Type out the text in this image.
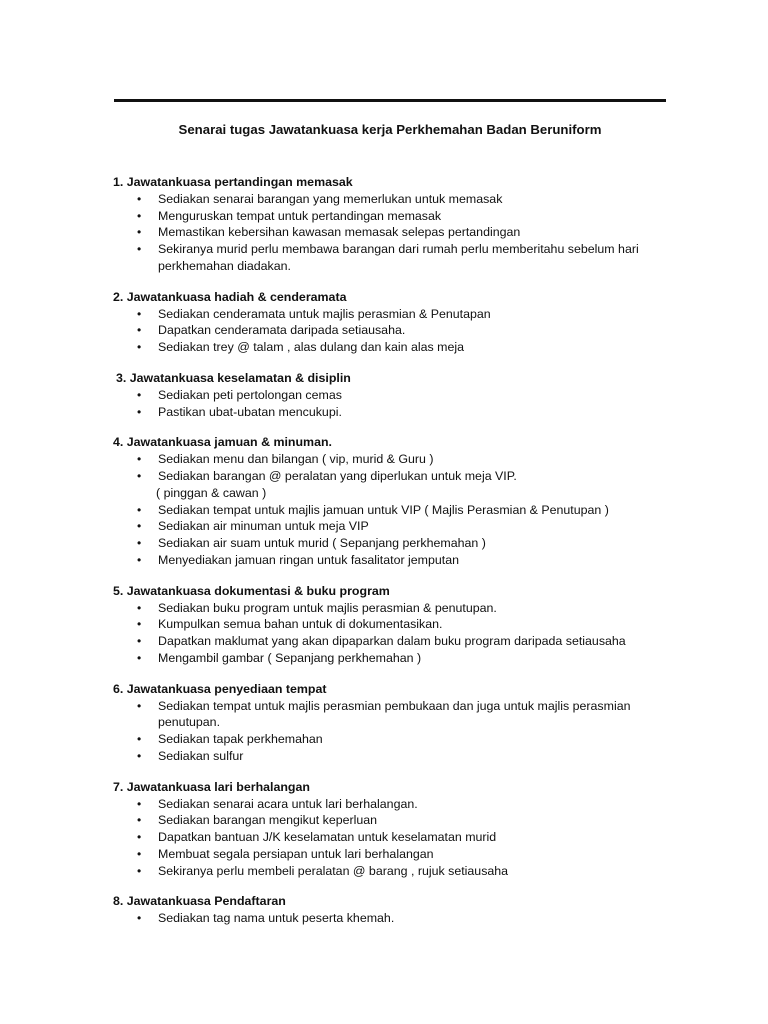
Senarai tugas Jawatankuasa kerja Perkhemahan Badan Beruniform
1. Jawatankuasa pertandingan memasak
• Sediakan senarai barangan yang memerlukan untuk memasak
• Menguruskan tempat untuk pertandingan memasak
• Memastikan kebersihan kawasan memasak selepas pertandingan
• Sekiranya murid perlu membawa barangan dari rumah perlu memberitahu sebelum hari perkhemahan diadakan.
2. Jawatankuasa hadiah & cenderamata
• Sediakan cenderamata untuk majlis perasmian & Penutapan
• Dapatkan cenderamata daripada setiausaha.
• Sediakan trey @ talam , alas dulang dan kain alas meja
3. Jawatankuasa keselamatan & disiplin
• Sediakan peti pertolongan cemas
• Pastikan ubat-ubatan mencukupi.
4. Jawatankuasa jamuan & minuman.
• Sediakan menu dan bilangan ( vip, murid & Guru )
• Sediakan barangan @ peralatan yang diperlukan untuk meja VIP.
( pinggan & cawan )
• Sediakan tempat untuk majlis jamuan untuk VIP ( Majlis Perasmian & Penutupan )
• Sediakan air minuman untuk meja VIP
• Sediakan air suam untuk murid ( Sepanjang perkhemahan )
• Menyediakan jamuan ringan untuk fasalitator jemputan
5. Jawatankuasa dokumentasi & buku program
• Sediakan buku program untuk majlis perasmian & penutupan.
• Kumpulkan semua bahan untuk di dokumentasikan.
• Dapatkan maklumat yang akan dipaparkan dalam buku program daripada setiausaha
• Mengambil gambar ( Sepanjang perkhemahan )
6. Jawatankuasa penyediaan tempat
• Sediakan tempat untuk majlis perasmian pembukaan dan juga untuk majlis perasmian penutupan.
• Sediakan tapak perkhemahan
• Sediakan sulfur
7. Jawatankuasa lari berhalangan
• Sediakan senarai acara untuk lari berhalangan.
• Sediakan barangan mengikut keperluan
• Dapatkan bantuan J/K keselamatan untuk keselamatan murid
• Membuat segala persiapan untuk lari berhalangan
• Sekiranya perlu membeli peralatan @ barang , rujuk setiausaha
8. Jawatankuasa Pendaftaran
• Sediakan tag nama untuk peserta khemah.
